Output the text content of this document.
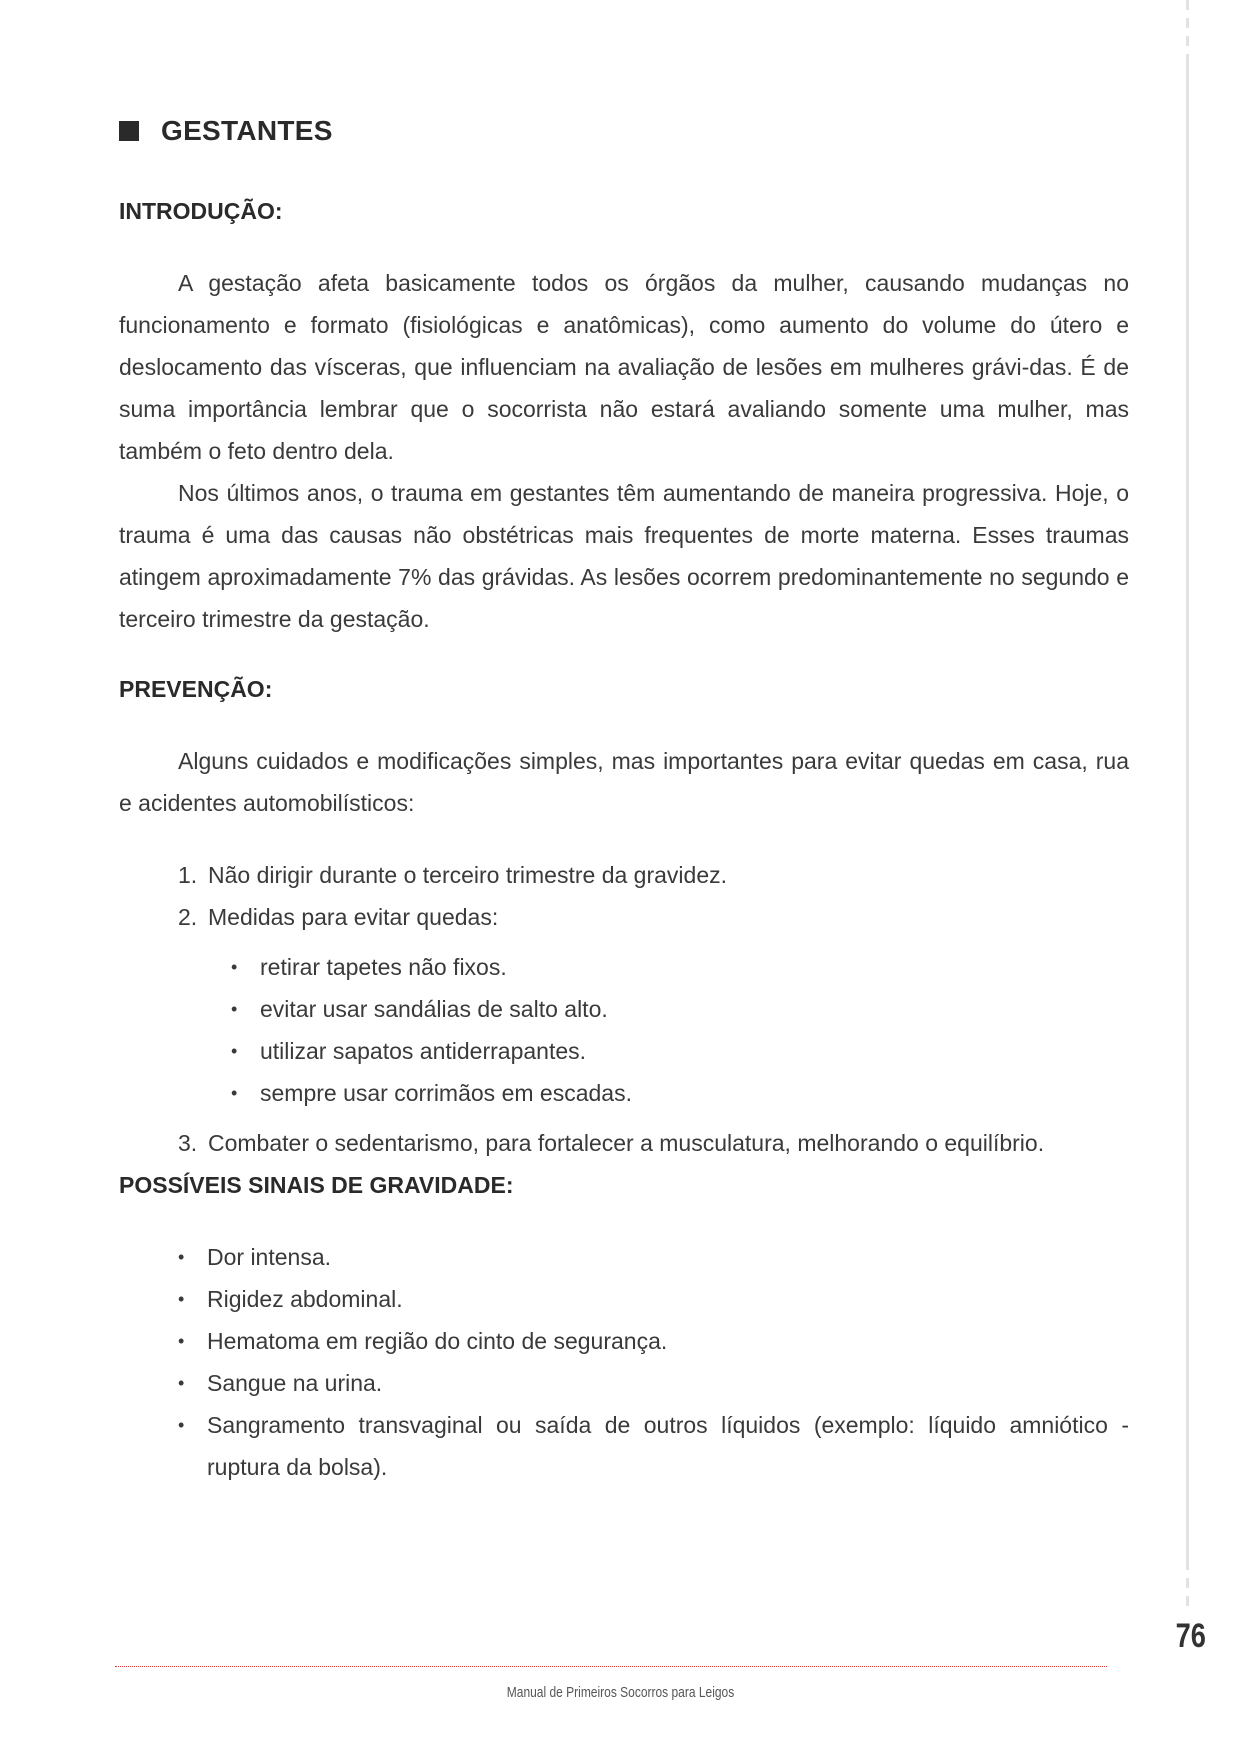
GESTANTES
INTRODUÇÃO:

A gestação afeta basicamente todos os órgãos da mulher, causando mudanças no funcionamento e formato (fisiológicas e anatômicas), como aumento do volume do útero e deslocamento das vísceras, que influenciam na avaliação de lesões em mulheres grávi-das. É de suma importância lembrar que o socorrista não estará avaliando somente uma mulher, mas também o feto dentro dela.

Nos últimos anos, o trauma em gestantes têm aumentando de maneira progressiva. Hoje, o trauma é uma das causas não obstétricas mais frequentes de morte materna. Esses traumas atingem aproximadamente 7% das grávidas. As lesões ocorrem predominantemente no segundo e terceiro trimestre da gestação.

PREVENÇÃO:

Alguns cuidados e modificações simples, mas importantes para evitar quedas em casa, rua e acidentes automobilísticos:

1. Não dirigir durante o terceiro trimestre da gravidez.
2. Medidas para evitar quedas:
• retirar tapetes não fixos.
• evitar usar sandálias de salto alto.
• utilizar sapatos antiderrapantes.
• sempre usar corrimãos em escadas.
3. Combater o sedentarismo, para fortalecer a musculatura, melhorando o equilíbrio.
POSSÍVEIS SINAIS DE GRAVIDADE:
• Dor intensa.
• Rigidez abdominal.
• Hematoma em região do cinto de segurança.
• Sangue na urina.
• Sangramento transvaginal ou saída de outros líquidos (exemplo: líquido amniótico - ruptura da bolsa).
76
Manual de Primeiros Socorros para Leigos
